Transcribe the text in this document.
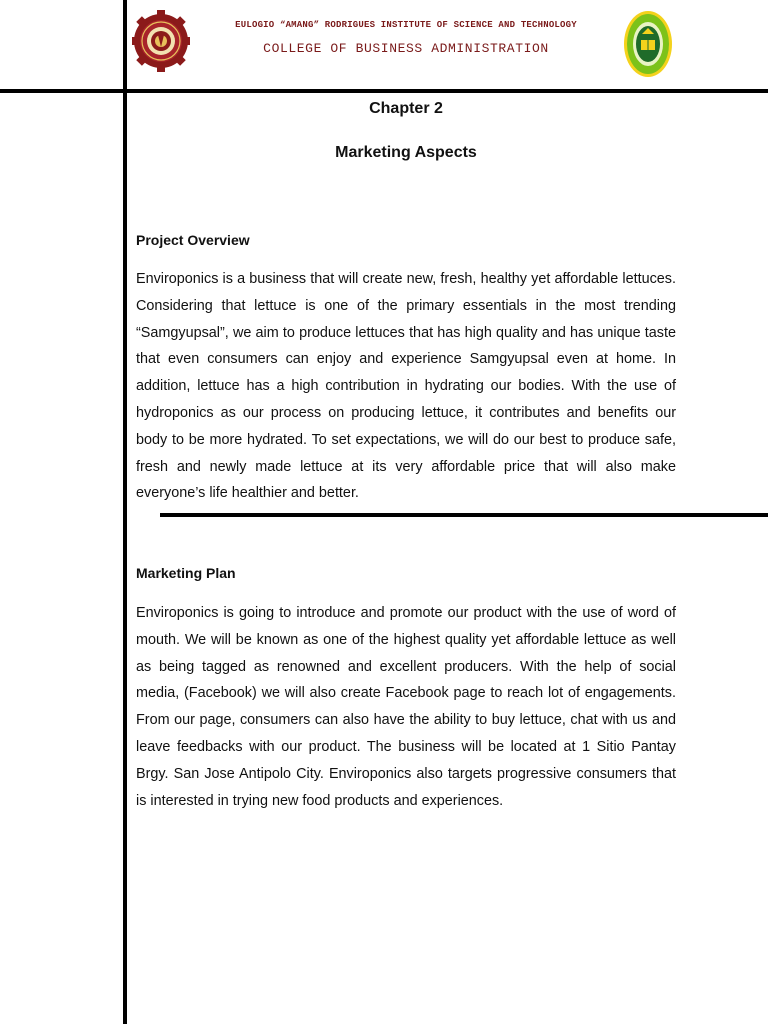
EULOGIO “AMANG” RODRIGUES INSTITUTE OF SCIENCE AND TECHNOLOGY
COLLEGE OF BUSINESS ADMINISTRATION
Chapter 2
Marketing Aspects
Project Overview

Enviroponics is a business that will create new, fresh, healthy yet affordable lettuces. Considering that lettuce is one of the primary essentials in the most trending “Samgyupsal”, we aim to produce lettuces that has high quality and has unique taste that even consumers can enjoy and experience Samgyupsal even at home. In addition, lettuce has a high contribution in hydrating our bodies. With the use of hydroponics as our process on producing lettuce, it contributes and benefits our body to be more hydrated. To set expectations, we will do our best to produce safe, fresh and newly made lettuce at its very affordable price that will also make everyone’s life healthier and better.

Marketing Plan

Enviroponics is going to introduce and promote our product with the use of word of mouth. We will be known as one of the highest quality yet affordable lettuce as well as being tagged as renowned and excellent producers. With the help of social media, (Facebook) we will also create Facebook page to reach lot of engagements. From our page, consumers can also have the ability to buy lettuce, chat with us and leave feedbacks with our product. The business will be located at 1 Sitio Pantay Brgy. San Jose Antipolo City. Enviroponics also targets progressive consumers that is interested in trying new food products and experiences.
